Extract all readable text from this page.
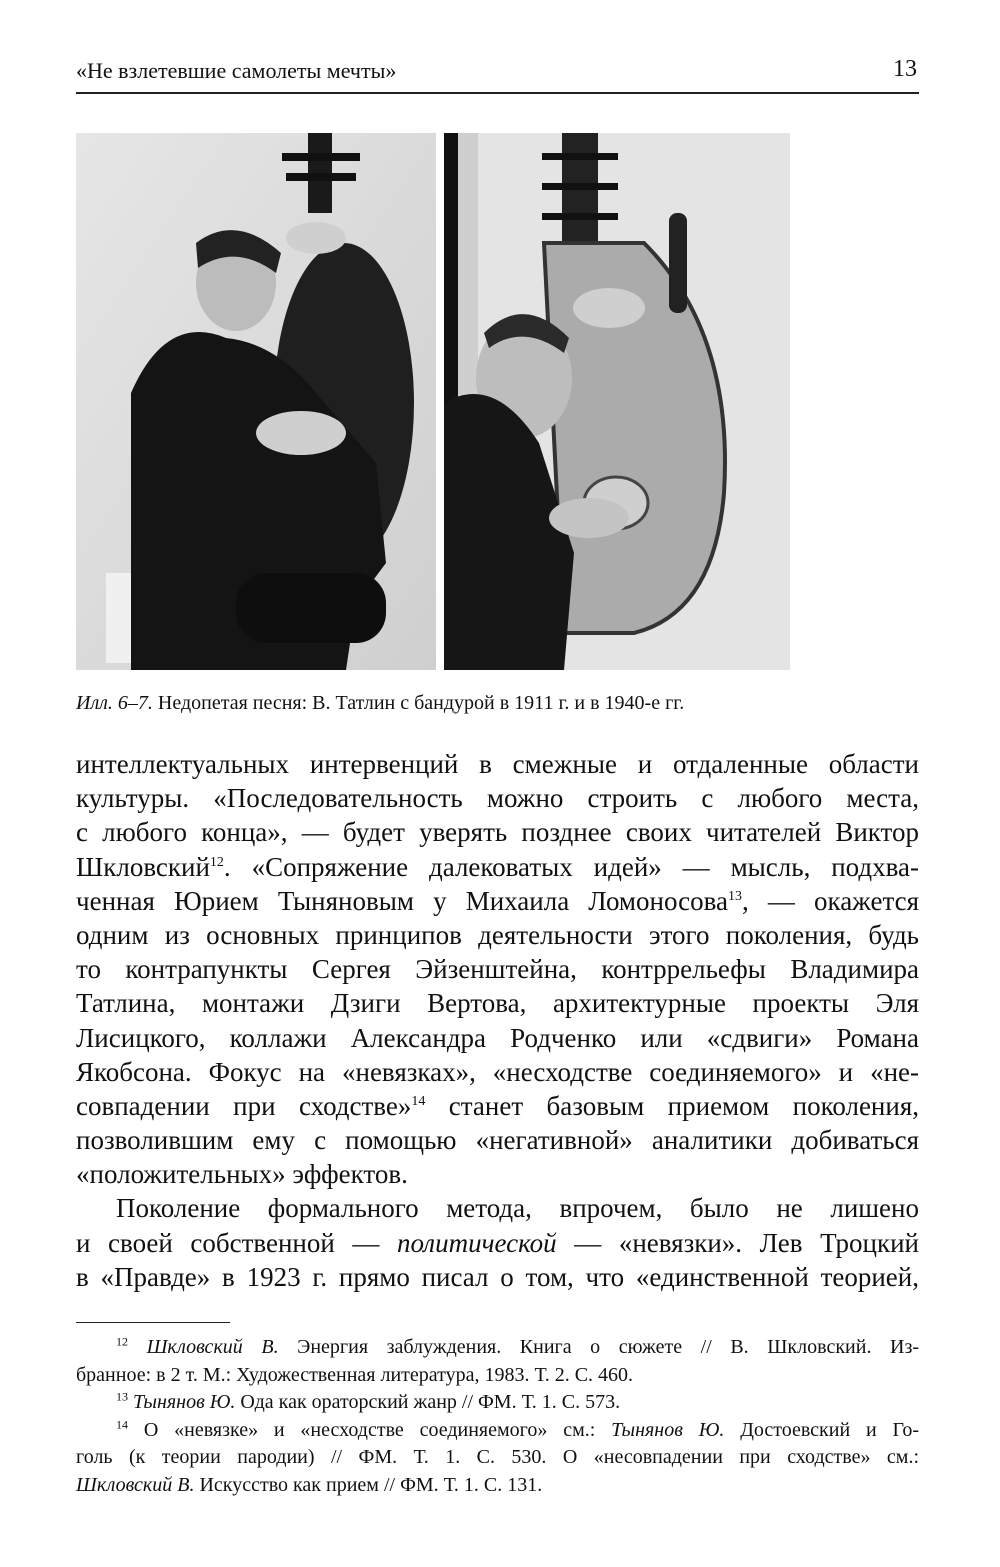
«Не взлетевшие самолеты мечты»	13
Илл. 6–7. Недопетая песня: В. Татлин с бандурой в 1911 г. и в 1940-е гг.
интеллектуальных интервенций в смежные и отдаленные области
культуры. «Последовательность можно строить с любого места,
с любого конца», — будет уверять позднее своих читателей Виктор
Шкловский$^{12}$. «Сопряжение далековатых идей» — мысль, подхва-
ченная Юрием Тыняновым у Михаила Ломоносова$^{13}$, — окажется
одним из основных принципов деятельности этого поколения, будь
то контрапункты Сергея Эйзенштейна, контррельефы Владимира
Татлина, монтажи Дзиги Вертова, архитектурные проекты Эля
Лисицкого, коллажи Александра Родченко или «сдвиги» Романа
Якобсона. Фокус на «невязках», «несходстве соединяемого» и «не-
совпадении при сходстве»$^{14}$ станет базовым приемом поколения,
позволившим ему с помощью «негативной» аналитики добиваться
«положительных» эффектов.
Поколение формального метода, впрочем, было не лишено
и своей собственной — политической — «невязки». Лев Троцкий
в «Правде» в 1923 г. прямо писал о том, что «единственной теорией,
$^{12}$ Шкловский В. Энергия заблуждения. Книга о сюжете // В. Шкловский. Из-
бранное: в 2 т. М.: Художественная литература, 1983. Т. 2. С. 460.
$^{13}$ Тынянов Ю. Ода как ораторский жанр // ФМ. Т. 1. С. 573.
$^{14}$ О «невязке» и «несходстве соединяемого» см.: Тынянов Ю. Достоевский и Го-
голь (к теории пародии) // ФМ. Т. 1. С. 530. О «несовпадении при сходстве» см.:
Шкловский В. Искусство как прием // ФМ. Т. 1. С. 131.
